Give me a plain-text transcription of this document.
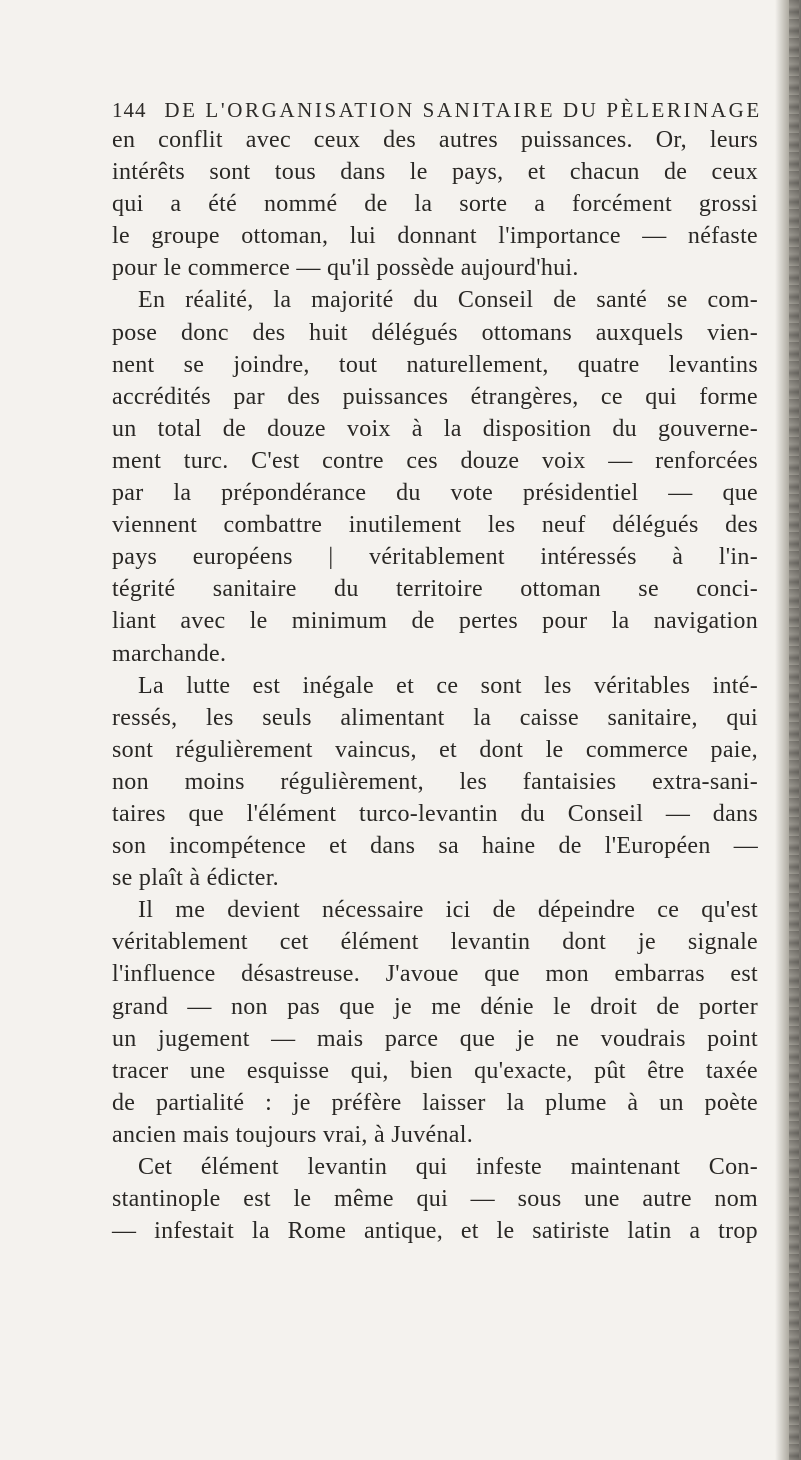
144 DE L'ORGANISATION SANITAIRE DU PÈLERINAGE
en conflit avec ceux des autres puissances. Or, leurs
intérêts sont tous dans le pays, et chacun de ceux
qui a été nommé de la sorte a forcément grossi
le groupe ottoman, lui donnant l'importance — néfaste
pour le commerce — qu'il possède aujourd'hui.
En réalité, la majorité du Conseil de santé se com-
pose donc des huit délégués ottomans auxquels vien-
nent se joindre, tout naturellement, quatre levantins
accrédités par des puissances étrangères, ce qui forme
un total de douze voix à la disposition du gouverne-
ment turc. C'est contre ces douze voix — renforcées
par la prépondérance du vote présidentiel — que
viennent combattre inutilement les neuf délégués des
pays européens | véritablement intéressés à l'in-
tégrité sanitaire du territoire ottoman se conci-
liant avec le minimum de pertes pour la navigation
marchande.
La lutte est inégale et ce sont les véritables inté-
ressés, les seuls alimentant la caisse sanitaire, qui
sont régulièrement vaincus, et dont le commerce paie,
non moins régulièrement, les fantaisies extra-sani-
taires que l'élément turco-levantin du Conseil — dans
son incompétence et dans sa haine de l'Européen —
se plaît à édicter.
Il me devient nécessaire ici de dépeindre ce qu'est
véritablement cet élément levantin dont je signale
l'influence désastreuse. J'avoue que mon embarras est
grand — non pas que je me dénie le droit de porter
un jugement — mais parce que je ne voudrais point
tracer une esquisse qui, bien qu'exacte, pût être taxée
de partialité : je préfère laisser la plume à un poète
ancien mais toujours vrai, à Juvénal.
Cet élément levantin qui infeste maintenant Con-
stantinople est le même qui — sous une autre nom
— infestait la Rome antique, et le satiriste latin a trop
